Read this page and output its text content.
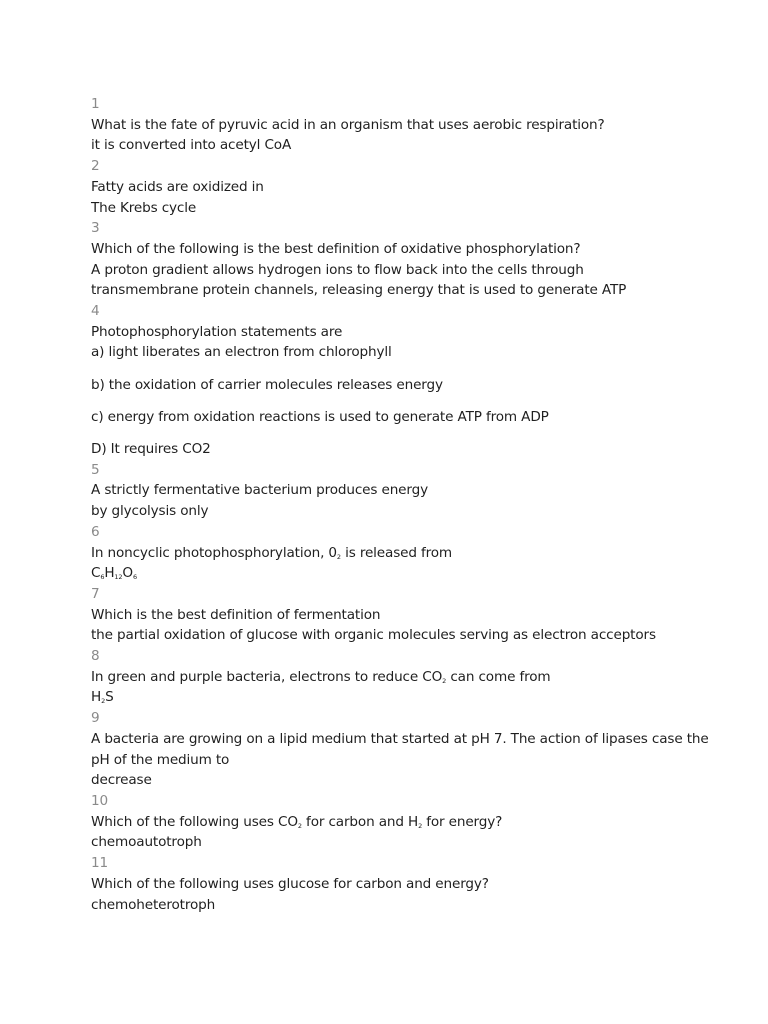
1
What is the fate of pyruvic acid in an organism that uses aerobic respiration?
it is converted into acetyl CoA
2
Fatty acids are oxidized in
The Krebs cycle
3
Which of the following is the best definition of oxidative phosphorylation?
A proton gradient allows hydrogen ions to flow back into the cells through
transmembrane protein channels, releasing energy that is used to generate ATP
4
Photophosphorylation statements are
a) light liberates an electron from chlorophyll
b) the oxidation of carrier molecules releases energy
c) energy from oxidation reactions is used to generate ATP from ADP
D) It requires CO2
5
A strictly fermentative bacterium produces energy
by glycolysis only
6
In noncyclic photophosphorylation, $0_2$ is released from
$C_6H_{12}O_6$
7
Which is the best definition of fermentation
the partial oxidation of glucose with organic molecules serving as electron acceptors
8
In green and purple bacteria, electrons to reduce $CO_2$ can come from
$H_2S$
9
A bacteria are growing on a lipid medium that started at pH 7. The action of lipases case the pH of the medium to
decrease
10
Which of the following uses $CO_2$ for carbon and $H_2$ for energy?
chemoautotroph
11
Which of the following uses glucose for carbon and energy?
chemoheterotroph
